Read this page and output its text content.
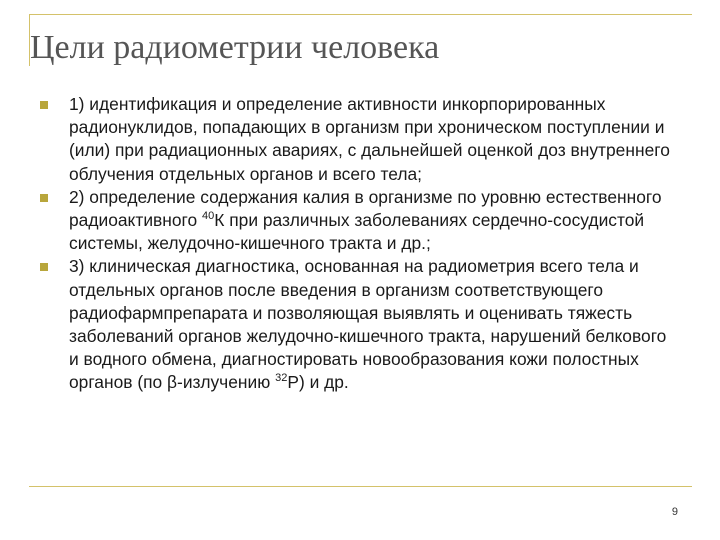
Цели радиометрии человека
1) идентификация и определение активности инкорпорированных радионуклидов, попадающих в организм при хроническом поступлении и (или) при радиационных авариях, с дальнейшей оценкой доз внутреннего облучения отдельных органов и всего тела;
2) определение содержания калия в организме по уровню естественного радиоактивного $^{40}$К при различных заболеваниях сердечно-сосудистой системы, желудочно-кишечного тракта и др.;
3) клиническая диагностика, основанная на радиометрия всего тела и отдельных органов после введения в организм соответствующего радиофармпрепарата и позволяющая выявлять и оценивать тяжесть заболеваний органов желудочно-кишечного тракта, нарушений белкового и водного обмена, диагностировать новообразования кожи полостных органов (по β-излучению $^{32}$Р) и др.
9
